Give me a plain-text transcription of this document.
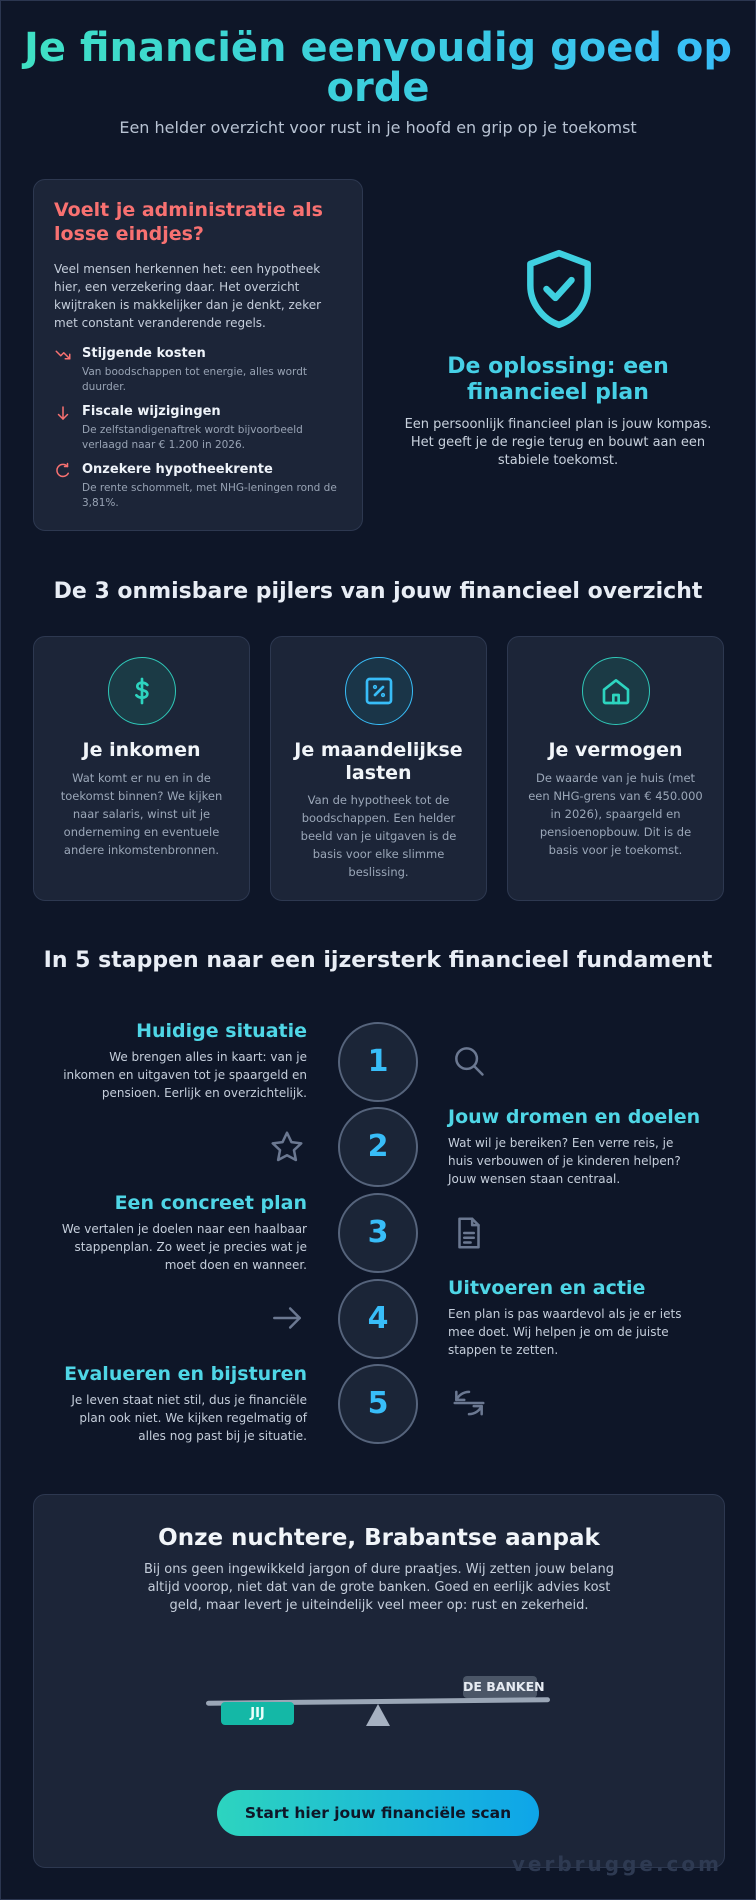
Je financiën eenvoudig goed op orde
Een helder overzicht voor rust in je hoofd en grip op je toekomst
Voelt je administratie als losse eindjes?

Veel mensen herkennen het: een hypotheek hier, een verzekering daar. Het overzicht kwijtraken is makkelijker dan je denkt, zeker met constant veranderende regels.

Stijgende kosten
Van boodschappen tot energie, alles wordt duurder.
Fiscale wijzigingen
De zelfstandigenaftrek wordt bijvoorbeeld verlaagd naar € 1.200 in 2026.
Onzekere hypotheekrente
De rente schommelt, met NHG-leningen rond de 3,81%.
De oplossing: een financieel plan
Een persoonlijk financieel plan is jouw kompas. Het geeft je de regie terug en bouwt aan een stabiele toekomst.
De 3 onmisbare pijlers van jouw financieel overzicht
Je inkomen

Wat komt er nu en in de toekomst binnen? We kijken naar salaris, winst uit je onderneming en eventuele andere inkomstenbronnen.

Je maandelijkse lasten

Van de hypotheek tot de boodschappen. Een helder beeld van je uitgaven is de basis voor elke slimme beslissing.

Je vermogen

De waarde van je huis (met een NHG-grens van € 450.000 in 2026), spaargeld en pensioenopbouw. Dit is de basis voor je toekomst.

In 5 stappen naar een ijzersterk financieel fundament
Huidige situatie
We brengen alles in kaart: van je inkomen en uitgaven tot je spaargeld en pensioen. Eerlijk en overzichtelijk.
1
2
Jouw dromen en doelen
Wat wil je bereiken? Een verre reis, je huis verbouwen of je kinderen helpen? Jouw wensen staan centraal.
Een concreet plan
We vertalen je doelen naar een haalbaar stappenplan. Zo weet je precies wat je moet doen en wanneer.
3
4
Uitvoeren en actie
Een plan is pas waardevol als je er iets mee doet. Wij helpen je om de juiste stappen te zetten.
Evalueren en bijsturen
Je leven staat niet stil, dus je financiële plan ook niet. We kijken regelmatig of alles nog past bij je situatie.
5
Onze nuchtere, Brabantse aanpak

Bij ons geen ingewikkeld jargon of dure praatjes. Wij zetten jouw belang altijd voorop, niet dat van de grote banken. Goed en eerlijk advies kost geld, maar levert je uiteindelijk veel meer op: rust en zekerheid.

DE BANKEN
JIJ
Start hier jouw financiële scan
verbrugge.com
